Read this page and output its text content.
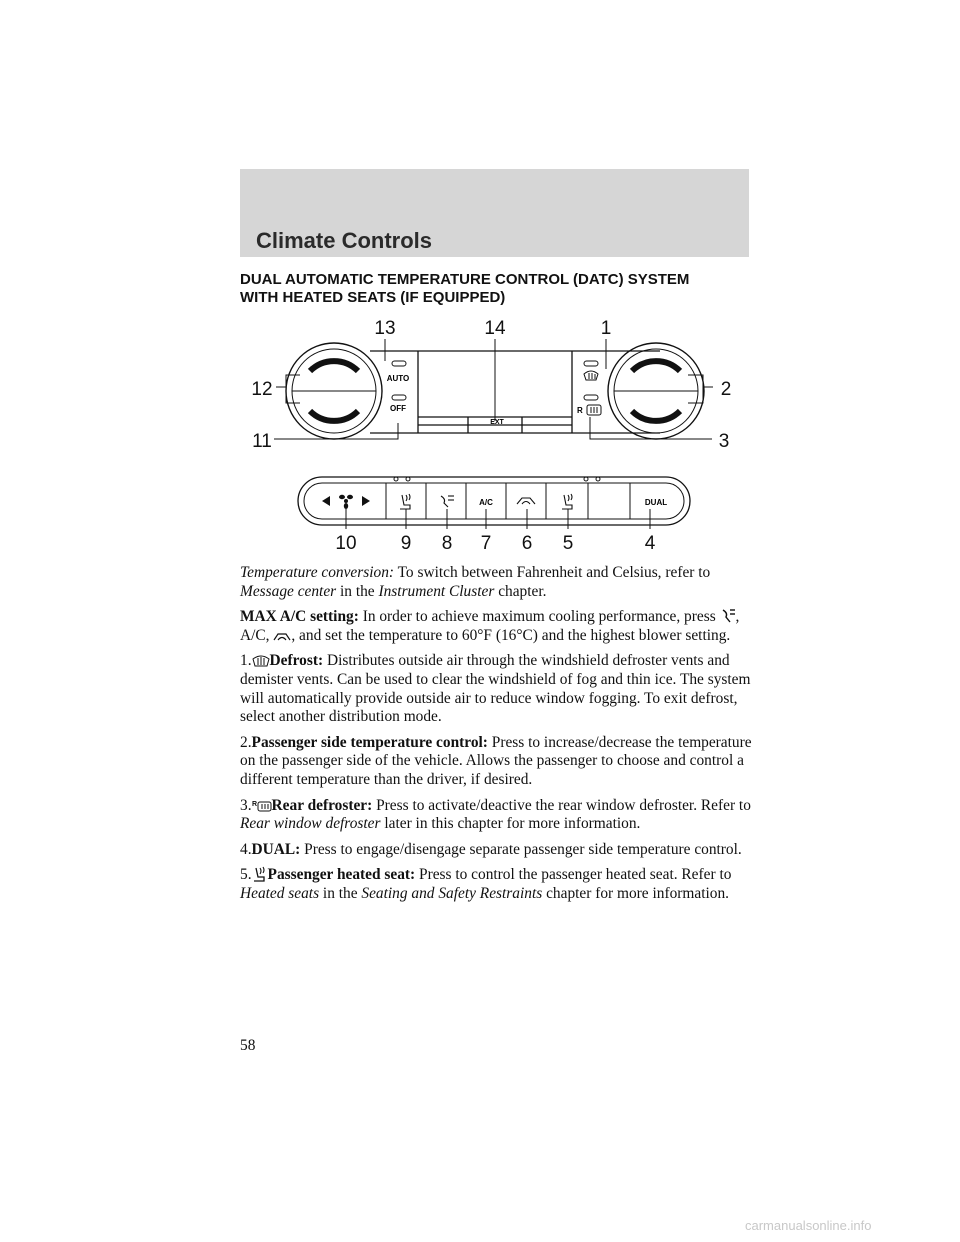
Climate Controls
DUAL AUTOMATIC TEMPERATURE CONTROL (DATC) SYSTEM
WITH HEATED SEATS (IF EQUIPPED)
AUTO
OFF
EXT
R
A/C	DUAL
1
2
3
4
5
6
7
8
9
10
11
12
13	14

Temperature conversion: To switch between Fahrenheit and Celsius, refer to Message center in the Instrument Cluster chapter.

MAX A/C setting: In order to achieve maximum cooling performance, press , A/C, , and set the temperature to 60°F (16°C) and the highest blower setting.

1. Defrost: Distributes outside air through the windshield defroster vents and demister vents. Can be used to clear the windshield of fog and thin ice. The system will automatically provide outside air to reduce window fogging. To exit defrost, select another distribution mode.

2.Passenger side temperature control: Press to increase/decrease the temperature on the passenger side of the vehicle. Allows the passenger to choose and control a different temperature than the driver, if desired.

3. R Rear defroster: Press to activate/deactive the rear window defroster. Refer to Rear window defroster later in this chapter for more information.

4.DUAL: Press to engage/disengage separate passenger side temperature control.

5. Passenger heated seat: Press to control the passenger heated seat. Refer to Heated seats in the Seating and Safety Restraints chapter for more information.

58
carmanualsonline.info
